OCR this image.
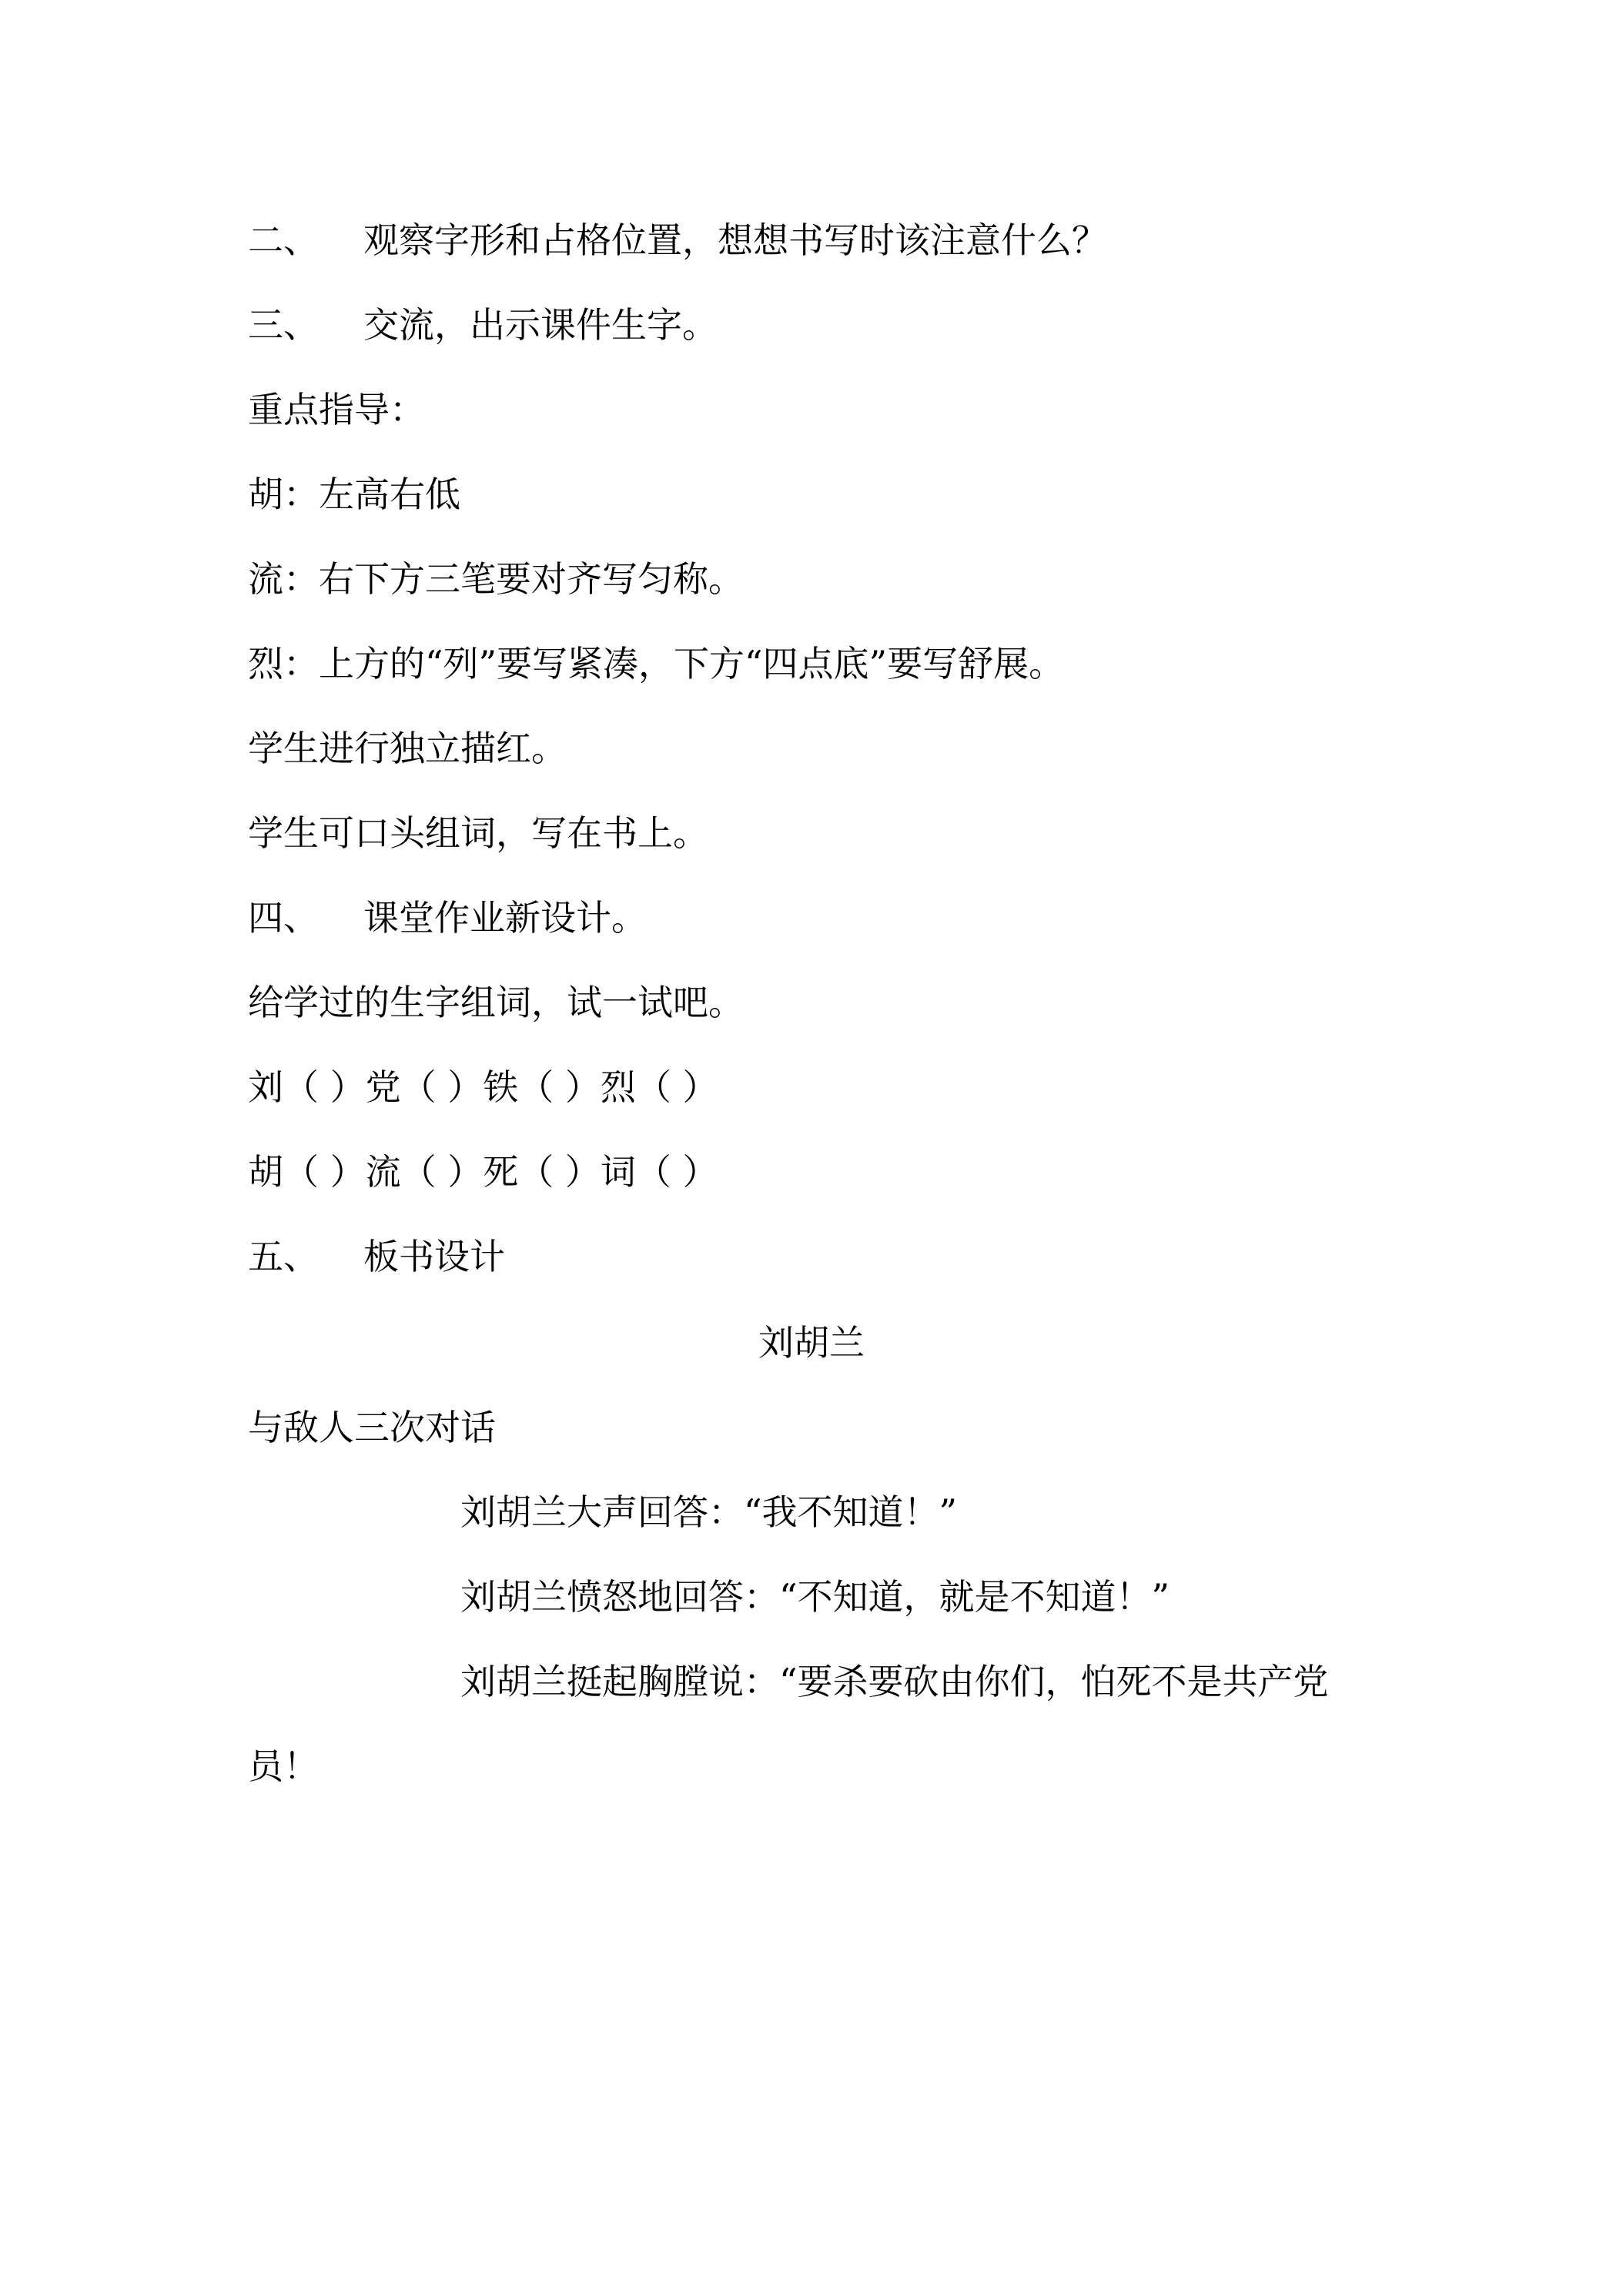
二、 观察字形和占格位置，想想书写时该注意什么？
三、 交流，出示课件生字。
重点指导：
胡：左高右低
流：右下方三笔要对齐写匀称。
烈：上方的“列”要写紧凑，下方“四点底”要写舒展。
学生进行独立描红。
学生可口头组词，写在书上。
四、 课堂作业新设计。
给学过的生字组词，试一试吧。
刘（ ）党（ ）铁（ ）烈（ ）
胡（ ）流（ ）死（ ）词（ ）
五、 板书设计
刘胡兰
与敌人三次对话
刘胡兰大声回答：“我不知道！”
刘胡兰愤怒地回答：“不知道，就是不知道！”
刘胡兰挺起胸膛说：“要杀要砍由你们，怕死不是共产党
员！
